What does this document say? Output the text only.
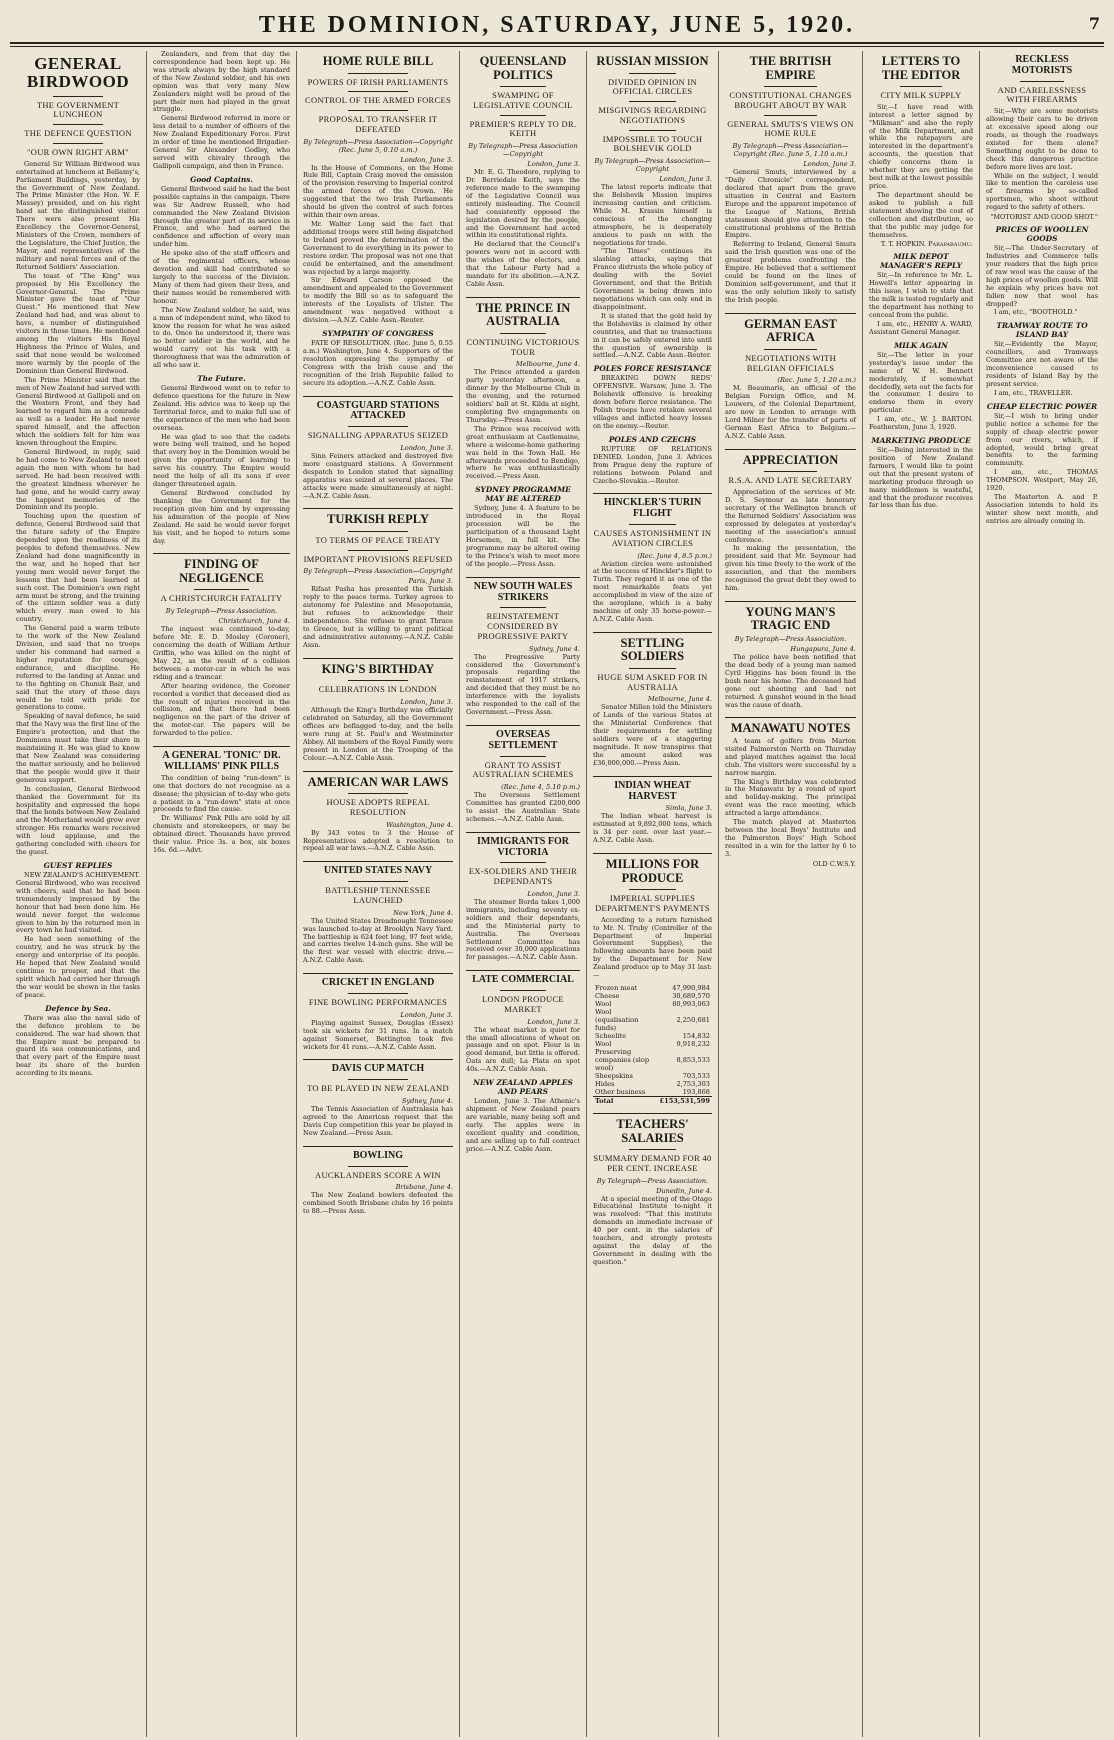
THE DOMINION, SATURDAY, JUNE 5, 1920.	7
GENERAL BIRDWOOD
THE GOVERNMENT LUNCHEON
THE DEFENCE QUESTION
"OUR OWN RIGHT ARM"

General Sir William Birdwood was entertained at luncheon at Bellamy's, Parliament Buildings, yesterday, by the Government of New Zealand. The Prime Minister (the Hon. W. F. Massey) presided, and on his right hand sat the distinguished visitor. There were also present His Excellency the Governor-General, Ministers of the Crown, members of the Legislature, the Chief Justice, the Mayor, and representatives of the military and naval forces and of the Returned Soldiers' Association.

The toast of "The King" was proposed by His Excellency the Governor-General. The Prime Minister gave the toast of "Our Guest." He mentioned that New Zealand had had, and was about to have, a number of distinguished visitors in those times. He mentioned among the visitors His Royal Highness the Prince of Wales, and said that none would be welcomed more warmly by the people of the Dominion than General Birdwood.

The Prime Minister said that the men of New Zealand had served with General Birdwood at Gallipoli and on the Western Front, and they had learned to regard him as a comrade as well as a leader. He had never spared himself, and the affection which the soldiers felt for him was known throughout the Empire.

General Birdwood, in reply, said he had come to New Zealand to meet again the men with whom he had served. He had been received with the greatest kindness wherever he had gone, and he would carry away the happiest memories of the Dominion and its people.

Touching upon the question of defence, General Birdwood said that the future safety of the Empire depended upon the readiness of its peoples to defend themselves. New Zealand had done magnificently in the war, and he hoped that her young men would never forget the lessons that had been learned at such cost. The Dominion's own right arm must be strong, and the training of the citizen soldier was a duty which every man owed to his country.

The General paid a warm tribute to the work of the New Zealand Division, and said that no troops under his command had earned a higher reputation for courage, endurance, and discipline. He referred to the landing at Anzac and to the fighting on Chunuk Bair, and said that the story of those days would be told with pride for generations to come.

Speaking of naval defence, he said that the Navy was the first line of the Empire's protection, and that the Dominions must take their share in maintaining it. He was glad to know that New Zealand was considering the matter seriously, and he believed that the people would give it their generous support.

In conclusion, General Birdwood thanked the Government for its hospitality and expressed the hope that the bonds between New Zealand and the Motherland would grow ever stronger. His remarks were received with loud applause, and the gathering concluded with cheers for the guest.

GUEST REPLIES

NEW ZEALAND'S ACHIEVEMENT. General Birdwood, who was received with cheers, said that he had been tremendously impressed by the honour that had been done him. He would never forget the welcome given to him by the returned men in every town he had visited.

He had seen something of the country, and he was struck by the energy and enterprise of its people. He hoped that New Zealand would continue to prosper, and that the spirit which had carried her through the war would be shown in the tasks of peace.

Defence by Sea.

There was also the naval side of the defence problem to be considered. The war had shown that the Empire must be prepared to guard its sea communications, and that every part of the Empire must bear its share of the burden according to its means.

Zealanders, and from that day the correspondence had been kept up. He was struck always by the high standard of the New Zealand soldier, and his own opinion was that very many New Zealanders might well be proud of the part their men had played in the great struggle.

General Birdwood referred in more or less detail to a number of officers of the New Zealand Expeditionary Force. First in order of time he mentioned Brigadier-General Sir Alexander Godley, who served with chivalry through the Gallipoli campaign, and then in France.

Good Captains.

General Birdwood said he had the best possible captains in the campaign. There was Sir Andrew Russell, who had commanded the New Zealand Division through the greater part of its service in France, and who had earned the confidence and affection of every man under him.

He spoke also of the staff officers and of the regimental officers, whose devotion and skill had contributed so largely to the success of the Division. Many of them had given their lives, and their names would be remembered with honour.

The New Zealand soldier, he said, was a man of independent mind, who liked to know the reason for what he was asked to do. Once he understood it, there was no better soldier in the world, and he would carry out his task with a thoroughness that was the admiration of all who saw it.

The Future.

General Birdwood went on to refer to defence questions for the future in New Zealand. His advice was to keep up the Territorial force, and to make full use of the experience of the men who had been overseas.

He was glad to see that the cadets were being well trained, and he hoped that every boy in the Dominion would be given the opportunity of learning to serve his country. The Empire would need the help of all its sons if ever danger threatened again.

General Birdwood concluded by thanking the Government for the reception given him and by expressing his admiration of the people of New Zealand. He said he would never forget his visit, and he hoped to return some day.

FINDING OF NEGLIGENCE
A CHRISTCHURCH FATALITY
By Telegraph—Press Association.
Christchurch, June 4.

The inquest was continued to-day, before Mr. E. D. Mosley (Coroner), concerning the death of William Arthur Griffin, who was killed on the night of May 22, as the result of a collision between a motor-car in which he was riding and a tramcar.

After hearing evidence, the Coroner recorded a verdict that deceased died as the result of injuries received in the collision, and that there had been negligence on the part of the driver of the motor-car. The papers will be forwarded to the police.

A GENERAL 'TONIC' DR. WILLIAMS' PINK PILLS

The condition of being "run-down" is one that doctors do not recognise as a disease; the physician of to-day who gets a patient in a "run-down" state at once proceeds to find the cause.

Dr. Williams' Pink Pills are sold by all chemists and storekeepers, or may be obtained direct. Thousands have proved their value. Price 3s. a box, six boxes 16s. 6d.—Advt.

HOME RULE BILL
POWERS OF IRISH PARLIAMENTS
CONTROL OF THE ARMED FORCES
PROPOSAL TO TRANSFER IT DEFEATED
By Telegraph—Press Association—Copyright (Rec. June 5, 0.10 a.m.)
London, June 3.

In the House of Commons, on the Home Rule Bill, Captain Craig moved the omission of the provision reserving to Imperial control the armed forces of the Crown. He suggested that the two Irish Parliaments should be given the control of such forces within their own areas.

Mr. Walter Long said the fact that additional troops were still being dispatched to Ireland proved the determination of the Government to do everything in its power to restore order. The proposal was not one that could be entertained, and the amendment was rejected by a large majority.

Sir Edward Carson opposed the amendment and appealed to the Government to modify the Bill so as to safeguard the interests of the Loyalists of Ulster. The amendment was negatived without a division.—A.N.Z. Cable Assn.-Reuter.

SYMPATHY OF CONGRESS

FATE OF RESOLUTION. (Rec. June 5, 0.55 a.m.) Washington, June 4. Supporters of the resolution expressing the sympathy of Congress with the Irish cause and the recognition of the Irish Republic failed to secure its adoption.—A.N.Z. Cable Assn.

COASTGUARD STATIONS ATTACKED
SIGNALLING APPARATUS SEIZED
London, June 3.

Sinn Feiners attacked and destroyed five more coastguard stations. A Government despatch to London stated that signalling apparatus was seized at several places. The attacks were made simultaneously at night.—A.N.Z. Cable Assn.

TURKISH REPLY
TO TERMS OF PEACE TREATY
IMPORTANT PROVISIONS REFUSED
By Telegraph—Press Association—Copyright
Paris, June 3.

Rifaat Pasha has presented the Turkish reply to the peace terms. Turkey agrees to autonomy for Palestine and Mesopotamia, but refuses to acknowledge their independence. She refuses to grant Thrace to Greece, but is willing to grant political and administrative autonomy.—A.N.Z. Cable Assn.

KING'S BIRTHDAY
CELEBRATIONS IN LONDON
London, June 3.

Although the King's Birthday was officially celebrated on Saturday, all the Government offices are beflagged to-day, and the bells were rung at St. Paul's and Westminster Abbey. All members of the Royal Family were present in London at the Trooping of the Colour.—A.N.Z. Cable Assn.

AMERICAN WAR LAWS
HOUSE ADOPTS REPEAL RESOLUTION
Washington, June 4.

By 343 votes to 3 the House of Representatives adopted a resolution to repeal all war laws.—A.N.Z. Cable Assn.

UNITED STATES NAVY
BATTLESHIP TENNESSEE LAUNCHED
New York, June 4.

The United States Dreadnought Tennessee was launched to-day at Brooklyn Navy Yard. The battleship is 624 feet long, 97 feet wide, and carries twelve 14-inch guns. She will be the first war vessel with electric drive.—A.N.Z. Cable Assn.

CRICKET IN ENGLAND
FINE BOWLING PERFORMANCES
London, June 3.

Playing against Sussex, Douglas (Essex) took six wickets for 31 runs. In a match against Somerset, Bettington took five wickets for 41 runs.—A.N.Z. Cable Assn.

DAVIS CUP MATCH
TO BE PLAYED IN NEW ZEALAND
Sydney, June 4.

The Tennis Association of Australasia has agreed to the American request that the Davis Cup competition this year be played in New Zealand.—Press Assn.

BOWLING
AUCKLANDERS SCORE A WIN
Brisbane, June 4.

The New Zealand bowlers defeated the combined South Brisbane clubs by 16 points to 88.—Press Assn.

QUEENSLAND POLITICS
SWAMPING OF LEGISLATIVE COUNCIL
PREMIER'S REPLY TO DR. KEITH
By Telegraph—Press Association—Copyright
London, June 3.

Mr. E. G. Theodore, replying to Dr. Berriedale Keith, says the reference made to the swamping of the Legislative Council was entirely misleading. The Council had consistently opposed the legislation desired by the people, and the Government had acted within its constitutional rights.

He declared that the Council's powers were not in accord with the wishes of the electors, and that the Labour Party had a mandate for its abolition.—A.N.Z. Cable Assn.

THE PRINCE IN AUSTRALIA
CONTINUING VICTORIOUS TOUR
Melbourne, June 4.

The Prince attended a garden party yesterday afternoon, a dinner by the Melbourne Club in the evening, and the returned soldiers' ball at St. Kilda at night, completing five engagements on Thursday.—Press Assn.

The Prince was received with great enthusiasm at Castlemaine, where a welcome-home gathering was held in the Town Hall. He afterwards proceeded to Bendigo, where he was enthusiastically received.—Press Assn.

SYDNEY PROGRAMME MAY BE ALTERED

Sydney, June 4. A feature to be introduced in the Royal procession will be the participation of a thousand Light Horsemen, in full kit. The programme may be altered owing to the Prince's wish to meet more of the people.—Press Assn.

NEW SOUTH WALES STRIKERS
REINSTATEMENT CONSIDERED BY PROGRESSIVE PARTY
Sydney, June 4.

The Progressive Party considered the Government's proposals regarding the reinstatement of 1917 strikers, and decided that they must be no interference with the loyalists who responded to the call of the Government.—Press Assn.

OVERSEAS SETTLEMENT
GRANT TO ASSIST AUSTRALIAN SCHEMES
(Rec. June 4, 5.10 p.m.)

The Overseas Settlement Committee has granted £200,000 to assist the Australian State schemes.—A.N.Z. Cable Assn.

IMMIGRANTS FOR VICTORIA
EX-SOLDIERS AND THEIR DEPENDANTS
London, June 3.

The steamer Borda takes 1,000 immigrants, including seventy ex-soldiers and their dependants, and the Ministerial party to Australia. The Overseas Settlement Committee has received over 30,000 applications for passages.—A.N.Z. Cable Assn.

LATE COMMERCIAL
LONDON PRODUCE MARKET
London, June 3.

The wheat market is quiet for the small allocations of wheat on passage and on spot. Flour is in good demand, but little is offered. Oats are dull; La Plata on spot 40s.—A.N.Z. Cable Assn.

NEW ZEALAND APPLES AND PEARS

London, June 3. The Athenic's shipment of New Zealand pears are variable, many being soft and early. The apples were in excellent quality and condition, and are selling up to full contract price.—A.N.Z. Cable Assn.

RUSSIAN MISSION
DIVIDED OPINION IN OFFICIAL CIRCLES
MISGIVINGS REGARDING NEGOTIATIONS
IMPOSSIBLE TO TOUCH BOLSHEVIK GOLD
By Telegraph—Press Association—Copyright
London, June 3.

The latest reports indicate that the Bolshevik Mission inspires increasing caution and criticism. While M. Krassin himself is conscious of the changing atmosphere, he is desperately anxious to push on with the negotiations for trade.

"The Times" continues its slashing attacks, saying that France distrusts the whole policy of dealing with the Soviet Government, and that the British Government is being drawn into negotiations which can only end in disappointment.

It is stated that the gold held by the Bolsheviks is claimed by other countries, and that no transactions in it can be safely entered into until the question of ownership is settled.—A.N.Z. Cable Assn.-Reuter.

POLES FORCE RESISTANCE

BREAKING DOWN REDS' OFFENSIVE. Warsaw, June 3. The Bolshevik offensive is breaking down before fierce resistance. The Polish troops have retaken several villages and inflicted heavy losses on the enemy.—Reuter.

POLES AND CZECHS

RUPTURE OF RELATIONS DENIED. London, June 3. Advices from Prague deny the rupture of relations between Poland and Czecho-Slovakia.—Reuter.

HINCKLER'S TURIN FLIGHT
CAUSES ASTONISHMENT IN AVIATION CIRCLES
(Rec. June 4, 8.5 p.m.)

Aviation circles were astonished at the success of Hinckler's flight to Turin. They regard it as one of the most remarkable feats yet accomplished in view of the size of the aeroplane, which is a baby machine of only 35 horse-power.—A.N.Z. Cable Assn.

SETTLING SOLDIERS
HUGE SUM ASKED FOR IN AUSTRALIA
Melbourne, June 4.

Senator Millen told the Ministers of Lands of the various States at the Ministerial Conference that their requirements for settling soldiers were of a staggering magnitude. It now transpires that the amount asked was £36,000,000.—Press Assn.

INDIAN WHEAT HARVEST
Simla, June 3.

The Indian wheat harvest is estimated at 9,892,000 tons, which is 34 per cent. over last year.—A.N.Z. Cable Assn.

MILLIONS FOR PRODUCE
IMPERIAL SUPPLIES DEPARTMENT'S PAYMENTS

According to a return furnished to Mr. N. Truby (Controller of the Department of Imperial Government Supplies), the following amounts have been paid by the Department for New Zealand produce up to May 31 last:—

Frozen meat	47,990,984
Cheese	30,689,570
Wool	80,993,063
Wool (equalisation funds)	2,250,681
Scheelite	154,832
Wool	9,918,232
Preserving companies (slop wool)	8,853,533
Sheepskins	703,533
Hides	2,753,303
Other business	193,868
Total	£153,531,599
TEACHERS' SALARIES
SUMMARY DEMAND FOR 40 PER CENT. INCREASE
By Telegraph—Press Association.
Dunedin, June 4.

At a special meeting of the Otago Educational Institute to-night it was resolved: "That this institute demands an immediate increase of 40 per cent. in the salaries of teachers, and strongly protests against the delay of the Government in dealing with the question."

THE BRITISH EMPIRE
CONSTITUTIONAL CHANGES BROUGHT ABOUT BY WAR
GENERAL SMUTS'S VIEWS ON HOME RULE
By Telegraph—Press Association—Copyright (Rec. June 5, 1.10 a.m.)
London, June 3.

General Smuts, interviewed by a "Daily Chronicle" correspondent, declared that apart from the grave situation in Central and Eastern Europe and the apparent impotence of the League of Nations, British statesmen should give attention to the constitutional problems of the British Empire.

Referring to Ireland, General Smuts said the Irish question was one of the greatest problems confronting the Empire. He believed that a settlement could be found on the lines of Dominion self-government, and that it was the only solution likely to satisfy the Irish people.

GERMAN EAST AFRICA
NEGOTIATIONS WITH BELGIAN OFFICIALS
(Rec. June 5, 1.20 a.m.)

M. Beaumaris, an official of the Belgian Foreign Office, and M. Louwers, of the Colonial Department, are now in London to arrange with Lord Milner for the transfer of parts of German East Africa to Belgium.—A.N.Z. Cable Assn.

APPRECIATION
R.S.A. AND LATE SECRETARY

Appreciation of the services of Mr. D. S. Seymour as late honorary secretary of the Wellington branch of the Returned Soldiers' Association was expressed by delegates at yesterday's meeting of the association's annual conference.

In making the presentation, the president said that Mr. Seymour had given his time freely to the work of the association, and that the members recognised the great debt they owed to him.

YOUNG MAN'S TRAGIC END
By Telegraph—Press Association.
Hungapura, June 4.

The police have been notified that the dead body of a young man named Cyril Higgins has been found in the bush near his home. The deceased had gone out shooting and had not returned. A gunshot wound in the head was the cause of death.

MANAWATU NOTES

A team of golfers from Marton visited Palmerston North on Thursday and played matches against the local club. The visitors were successful by a narrow margin.

The King's Birthday was celebrated in the Manawatu by a round of sport and holiday-making. The principal event was the race meeting, which attracted a large attendance.

The match played at Masterton between the local Boys' Institute and the Palmerston Boys' High School resulted in a win for the latter by 6 to 3.

OLD C.W.S.Y.
LETTERS TO THE EDITOR
CITY MILK SUPPLY

Sir,—I have read with interest a letter signed by "Milkman" and also the reply of the Milk Department, and while the ratepayers are interested in the department's accounts, the question that chiefly concerns them is whether they are getting the best milk at the lowest possible price.

The department should be asked to publish a full statement showing the cost of collection and distribution, so that the public may judge for themselves.

T. T. HOPKIN. Paraparaumu.
MILK DEPOT MANAGER'S REPLY

Sir,—In reference to Mr. L. Howell's letter appearing in this issue, I wish to state that the milk is tested regularly and the department has nothing to conceal from the public.

I am, etc., HENRY A. WARD, Assistant General Manager.

MILK AGAIN

Sir,—The letter in your yesterday's issue under the name of W. H. Bennett moderately, if somewhat decidedly, sets out the facts for the consumer. I desire to endorse them in every particular.

I am, etc., W. J. BARTON. Featherston, June 3, 1920.

MARKETING PRODUCE

Sir,—Being interested in the position of New Zealand farmers, I would like to point out that the present system of marketing produce through so many middlemen is wasteful, and that the producer receives far less than his due.

RECKLESS MOTORISTS
AND CARELESSNESS WITH FIREARMS

Sir,—Why are some motorists allowing their cars to be driven at excessive speed along our roads, as though the roadways existed for them alone? Something ought to be done to check this dangerous practice before more lives are lost.

While on the subject, I would like to mention the careless use of firearms by so-called sportsmen, who shoot without regard to the safety of others.

"MOTORIST AND GOOD SHOT."
PRICES OF WOOLLEN GOODS

Sir,—The Under-Secretary of Industries and Commerce tells your readers that the high price of raw wool was the cause of the high prices of woollen goods. Will he explain why prices have not fallen now that wool has dropped?

I am, etc., "BOOTHOLD."

TRAMWAY ROUTE TO ISLAND BAY

Sir,—Evidently the Mayor, councillors, and Tramways Committee are not aware of the inconvenience caused to residents of Island Bay by the present service.

I am, etc., TRAVELLER.

CHEAP ELECTRIC POWER

Sir,—I wish to bring under public notice a scheme for the supply of cheap electric power from our rivers, which, if adopted, would bring great benefits to the farming community.

I am, etc., THOMAS THOMPSON. Westport, May 26, 1920.

The Masterton A. and P. Association intends to hold its winter show next month, and entries are already coming in.
